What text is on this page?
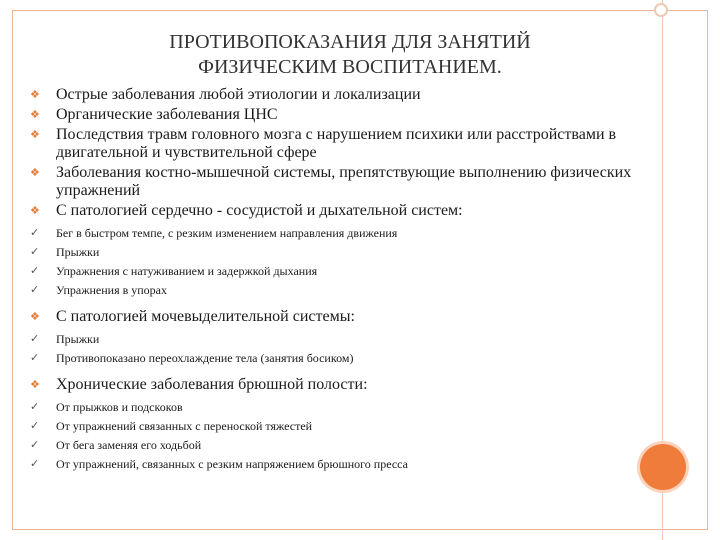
ПРОТИВОПОКАЗАНИЯ ДЛЯ ЗАНЯТИЙ
ФИЗИЧЕСКИМ ВОСПИТАНИЕМ.
❖	Острые заболевания любой этиологии и локализации
❖	Органические заболевания ЦНС
❖	Последствия травм головного мозга с нарушением психики или расстройствами в двигательной и чувствительной сфере
❖	Заболевания костно-мышечной системы, препятствующие выполнению физических упражнений
❖	С патологией сердечно - сосудистой и дыхательной систем:
✓	Бег в быстром темпе, с резким изменением направления движения
✓	Прыжки
✓	Упражнения с натуживанием и задержкой дыхания
✓	Упражнения в упорах
❖	С патологией мочевыделительной системы:
✓	Прыжки
✓	Противопоказано переохлаждение тела (занятия босиком)
❖	Хронические заболевания брюшной полости:
✓	От прыжков и подскоков
✓	От упражнений связанных с переноской тяжестей
✓	От бега заменяя его ходьбой
✓	От упражнений, связанных с резким напряжением брюшного пресса
